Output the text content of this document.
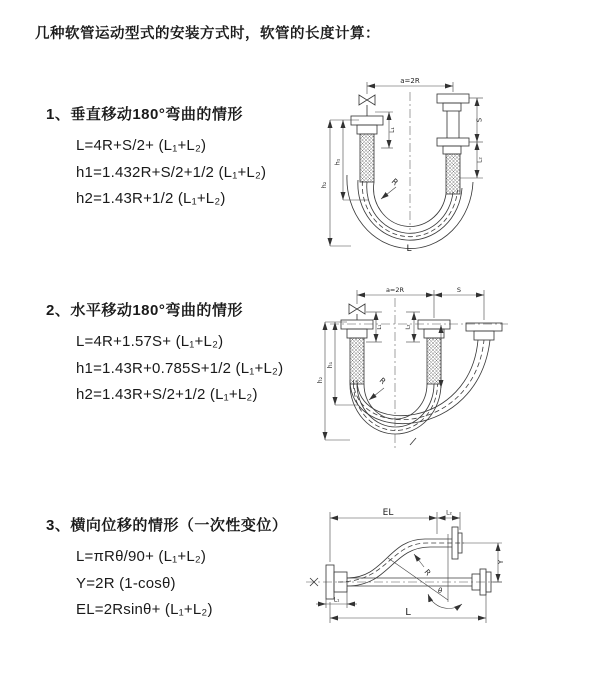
几种软管运动型式的安装方式时，软管的长度计算：
1、垂直移动180°弯曲的情形
L=4R+S/2+ (L₁+L₂)
h1=1.432R+S/2+1/2 (L₁+L₂)
h2=1.43R+1/2 (L₁+L₂)
2、水平移动180°弯曲的情形
L=4R+1.57S+ (L₁+L₂)
h1=1.43R+0.785S+1/2 (L₁+L₂)
h2=1.43R+S/2+1/2 (L₁+L₂)
3、横向位移的情形（一次性变位）
L=πRθ/90+ (L₁+L₂)
Y=2R (1-cosθ)
EL=2Rsinθ+ (L₁+L₂)
a=2R
R
h₂
h₁
L₁
S
L₂
L
a=2R	S
L₁	L₂
h₂
h₁
R
θ
R
EL	L₂
Y
L₁
L
